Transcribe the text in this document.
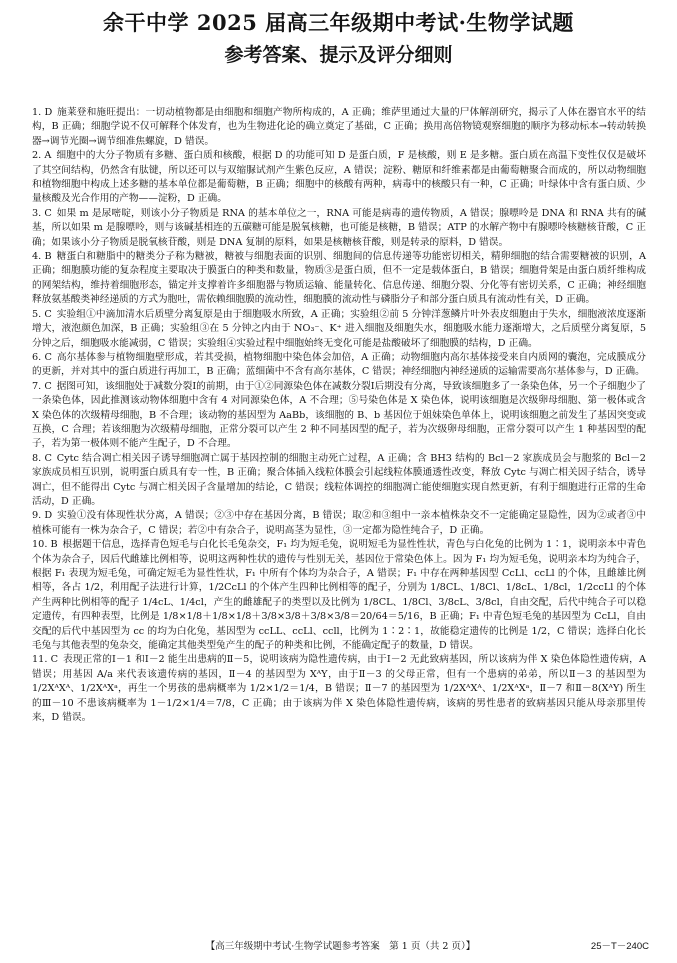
余干中学 2025 届高三年级期中考试·生物学试题
参考答案、提示及评分细则

1. D  施莱登和施旺提出：一切动植物都是由细胞和细胞产物所构成的，A 正确；维萨里通过大量的尸体解剖研究，揭示了人体在器官水平的结构，B 正确；细胞学说不仅可解释个体发育，也为生物进化论的确立奠定了基础，C 正确；换用高倍物镜观察细胞的顺序为移动标本→转动转换器→调节光圈→调节细准焦螺旋，D 错误。

2. A  细胞中的大分子物质有多糖、蛋白质和核酸，根据 D 的功能可知 D 是蛋白质，F 是核酸，则 E 是多糖。蛋白质在高温下变性仅仅是破坏了其空间结构，仍然含有肽键，所以还可以与双缩脲试剂产生紫色反应，A 错误；淀粉、糖原和纤维素都是由葡萄糖聚合而成的，所以动物细胞和植物细胞中构成上述多糖的基本单位都是葡萄糖，B 正确；细胞中的核酸有两种，病毒中的核酸只有一种，C 正确；叶绿体中含有蛋白质、少量核酸及光合作用的产物——淀粉，D 正确。

3. C  如果 m 是尿嘧啶，则该小分子物质是 RNA 的基本单位之一，RNA 可能是病毒的遗传物质，A 错误；腺嘌呤是 DNA 和 RNA 共有的碱基，所以如果 m 是腺嘌呤，则与该碱基相连的五碳糖可能是脱氧核糖，也可能是核糖，B 错误；ATP 的水解产物中有腺嘌呤核糖核苷酸，C 正确；如果该小分子物质是脱氧核苷酸，则是 DNA 复制的原料，如果是核糖核苷酸，则是转录的原料，D 错误。

4. B  糖蛋白和糖脂中的糖类分子称为糖被，糖被与细胞表面的识别、细胞间的信息传递等功能密切相关，精卵细胞的结合需要糖被的识别，A 正确；细胞膜功能的复杂程度主要取决于膜蛋白的种类和数量，物质③是蛋白质，但不一定是载体蛋白，B 错误；细胞骨架是由蛋白质纤维构成的网架结构，维持着细胞形态，锚定并支撑着许多细胞器与物质运输、能量转化、信息传递、细胞分裂、分化等有密切关系，C 正确；神经细胞释放氨基酸类神经递质的方式为胞吐，需依赖细胞膜的流动性，细胞膜的流动性与磷脂分子和部分蛋白质具有流动性有关，D 正确。

5. C  实验组①中滴加清水后质壁分离复原是由于细胞吸水所致，A 正确；实验组②前 5 分钟洋葱鳞片叶外表皮细胞由于失水，细胞液浓度逐渐增大，液泡颜色加深，B 正确；实验组③在 5 分钟之内由于 NO₃⁻、K⁺ 进入细胞及细胞失水，细胞吸水能力逐渐增大，之后质壁分离复原，5 分钟之后，细胞吸水能减弱，C 错误；实验组④实验过程中细胞始终无变化可能是盐酸破坏了细胞膜的结构，D 正确。

6. C  高尔基体参与植物细胞壁形成，若其受损，植物细胞中染色体会加倍，A 正确；动物细胞内高尔基体接受来自内质网的囊泡，完成膜成分的更新，并对其中的蛋白质进行再加工，B 正确；蓝细菌中不含有高尔基体，C 错误；神经细胞内神经递质的运输需要高尔基体参与，D 正确。

7. C  据图可知，该细胞处于减数分裂Ⅰ的前期，由于①②同源染色体在减数分裂Ⅰ后期没有分离，导致该细胞多了一条染色体，另一个子细胞少了一条染色体，因此推测该动物体细胞中含有 4 对同源染色体，A 不合理；⑤号染色体是 X 染色体，说明该细胞是次级卵母细胞、第一极体或含 X 染色体的次级精母细胞，B 不合理；该动物的基因型为 AaBb，该细胞的 B、b 基因位于姐妹染色单体上，说明该细胞之前发生了基因突变或互换，C 合理；若该细胞为次级精母细胞，正常分裂可以产生 2 种不同基因型的配子，若为次级卵母细胞，正常分裂可以产生 1 种基因型的配子，若为第一极体则不能产生配子，D 不合理。

8. C  Cytc 结合凋亡相关因子诱导细胞凋亡属于基因控制的细胞主动死亡过程，A 正确；含 BH3 结构的 Bcl－2 家族成员会与胞浆的 Bcl－2 家族成员相互识别，说明蛋白质具有专一性，B 正确；聚合体插入线粒体膜会引起线粒体膜通透性改变，释放 Cytc 与凋亡相关因子结合，诱导凋亡，但不能得出 Cytc 与凋亡相关因子含量增加的结论，C 错误；线粒体调控的细胞凋亡能使细胞实现自然更新，有利于细胞进行正常的生命活动，D 正确。

9. D  实验①没有体现性状分离，A 错误；②③中存在基因分离，B 错误；取②和③组中一亲本植株杂交不一定能确定显隐性，因为②或者③中植株可能有一株为杂合子，C 错误；若②中有杂合子，说明高茎为显性，③一定都为隐性纯合子，D 正确。

10. B  根据题干信息，选择青色短毛与白化长毛兔杂交，F₁ 均为短毛兔，说明短毛为显性性状，青色与白化兔的比例为 1∶1，说明亲本中青色个体为杂合子，因后代雌雄比例相等，说明这两种性状的遗传与性别无关，基因位于常染色体上。因为 F₁ 均为短毛兔，说明亲本均为纯合子，根据 F₁ 表现为短毛兔，可确定短毛为显性性状，F₁ 中所有个体均为杂合子，A 错误；F₁ 中存在两种基因型 CcLl、ccLl 的个体，且雌雄比例相等，各占 1/2，利用配子法进行计算，1/2CcLl 的个体产生四种比例相等的配子，分别为 1/8CL、1/8Cl、1/8cL、1/8cl，1/2ccLl 的个体产生两种比例相等的配子 1/4cL、1/4cl，产生的雌雄配子的类型以及比例为 1/8CL、1/8Cl、3/8cL、3/8cl，自由交配，后代中纯合子可以稳定遗传，有四种表型，比例是 1/8×1/8＋1/8×1/8＋3/8×3/8＋3/8×3/8＝20/64＝5/16，B 正确；F₁ 中青色短毛兔的基因型为 CcLl，自由交配的后代中基因型为 cc 的均为白化兔，基因型为 ccLL、ccLl、ccll，比例为 1∶2∶1，故能稳定遗传的比例是 1/2，C 错误；选择白化长毛兔与其他表型的兔杂交，能确定其他类型兔产生的配子的种类和比例，不能确定配子的数量，D 错误。

11. C  表现正常的Ⅰ－1 和Ⅰ－2 能生出患病的Ⅱ－5，说明该病为隐性遗传病，由于Ⅰ－2 无此致病基因，所以该病为伴 X 染色体隐性遗传病，A 错误；用基因 A/a 来代表该遗传病的基因，Ⅱ－4 的基因型为 XᴬY，由于Ⅱ－3 的父母正常，但有一个患病的弟弟，所以Ⅱ－3 的基因型为 1/2XᴬXᴬ、1/2XᴬXᵃ，再生一个男孩的患病概率为 1/2×1/2＝1/4，B 错误；Ⅱ－7 的基因型为 1/2XᴬXᴬ、1/2XᴬXᵃ，Ⅱ－7 和Ⅱ－8(XᴬY) 所生的Ⅲ－10 不患该病概率为 1－1/2×1/4＝7/8，C 正确；由于该病为伴 X 染色体隐性遗传病，该病的男性患者的致病基因只能从母亲那里传来，D 错误。

【高三年级期中考试·生物学试题参考答案　第 1 页（共 2 页）】	25－T－240C
